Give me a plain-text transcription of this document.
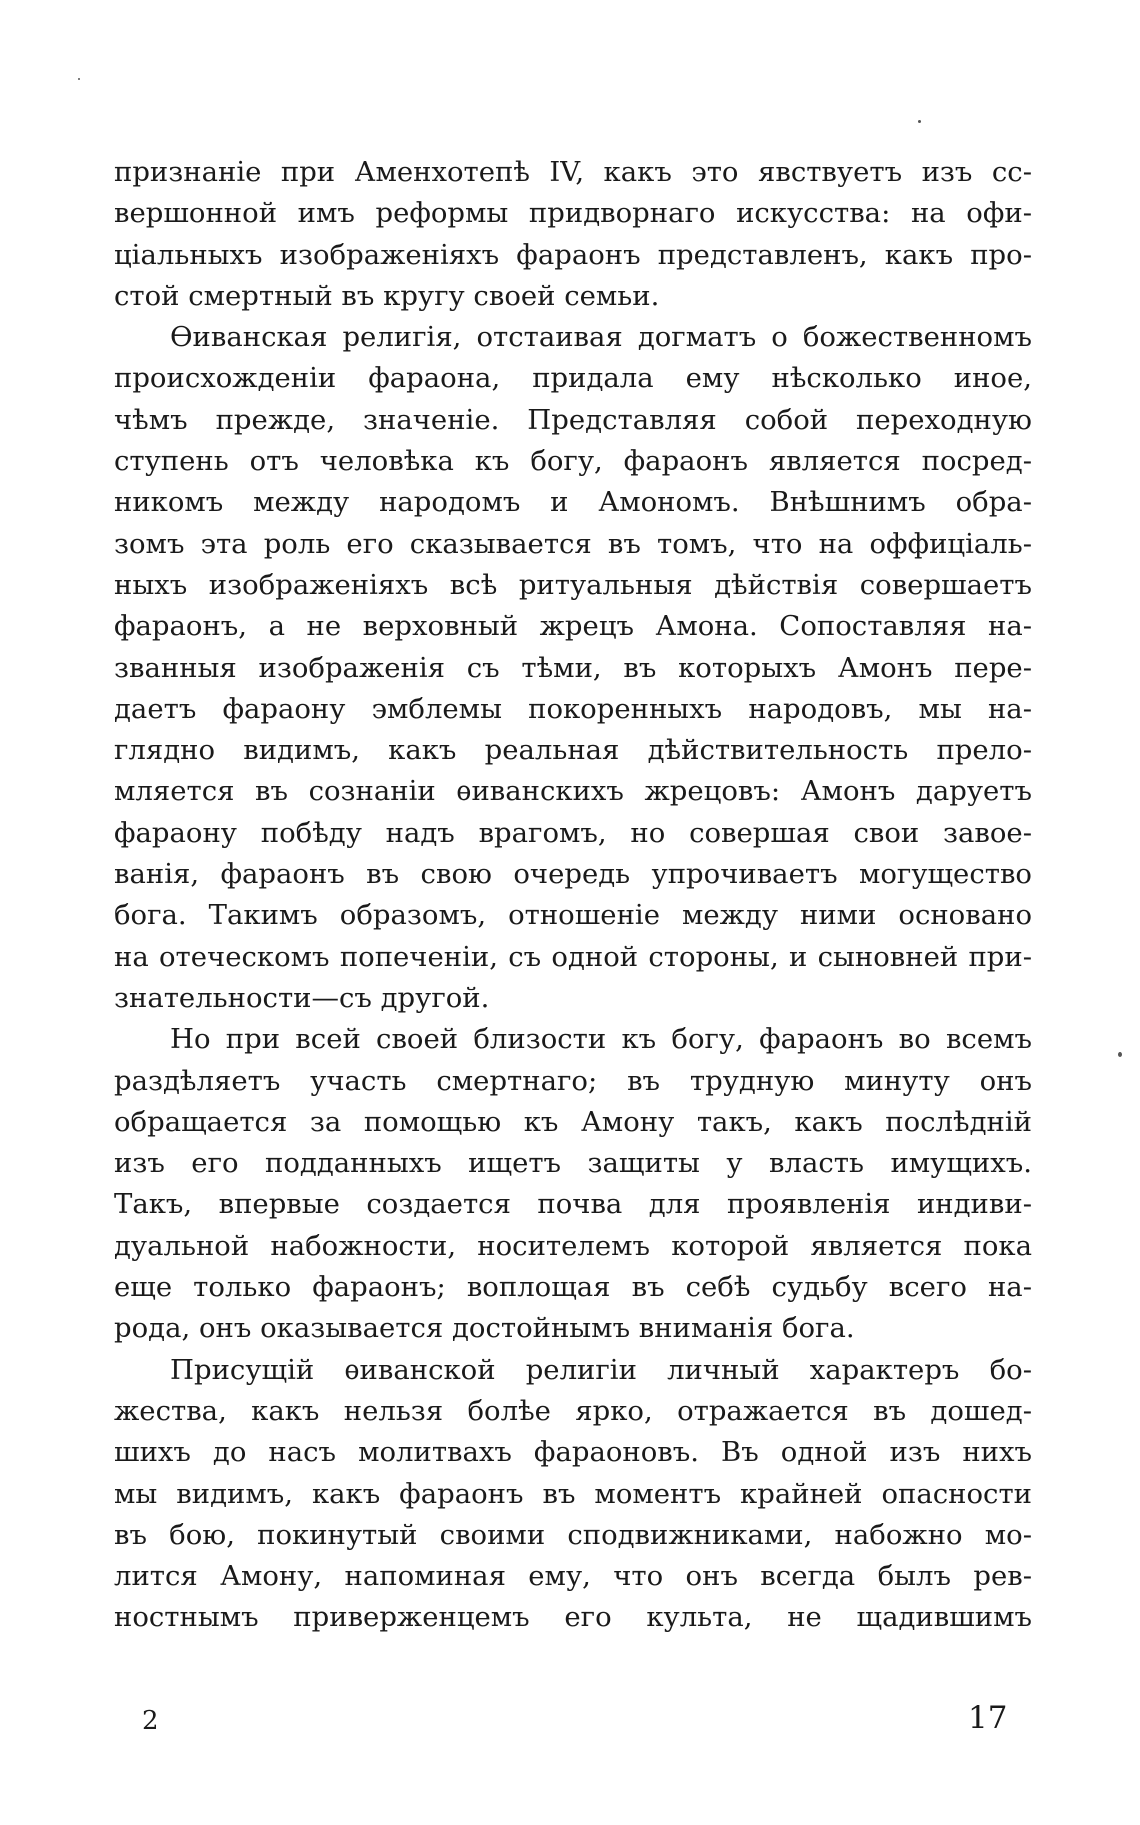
признаніе при Аменхотепѣ IV, какъ это явствуетъ изъ сс-
вершонной имъ реформы придворнаго искусства: на офи-
ціальныхъ изображеніяхъ фараонъ представленъ, какъ про-
стой смертный въ кругу своей семьи.
Ѳиванская религія, отстаивая догматъ о божественномъ
происхожденіи фараона, придала ему нѣсколько иное,
чѣмъ прежде, значеніе. Представляя собой переходную
ступень отъ человѣка къ богу, фараонъ является посред-
никомъ между народомъ и Амономъ. Внѣшнимъ обра-
зомъ эта роль его сказывается въ томъ, что на оффиціаль-
ныхъ изображеніяхъ всѣ ритуальныя дѣйствія совершаетъ
фараонъ, а не верховный жрецъ Амона. Сопоставляя на-
званныя изображенія съ тѣми, въ которыхъ Амонъ пере-
даетъ фараону эмблемы покоренныхъ народовъ, мы на-
глядно видимъ, какъ реальная дѣйствительность прело-
мляется въ сознаніи ѳиванскихъ жрецовъ: Амонъ даруетъ
фараону побѣду надъ врагомъ, но совершая свои завое-
ванія, фараонъ въ свою очередь упрочиваетъ могущество
бога. Такимъ образомъ, отношеніе между ними основано
на отеческомъ попеченіи, съ одной стороны, и сыновней при-
знательности—съ другой.
Но при всей своей близости къ богу, фараонъ во всемъ
раздѣляетъ участь смертнаго; въ трудную минуту онъ
обращается за помощью къ Амону такъ, какъ послѣдній
изъ его подданныхъ ищетъ защиты у власть имущихъ.
Такъ, впервые создается почва для проявленія индиви-
дуальной набожности, носителемъ которой является пока
еще только фараонъ; воплощая въ себѣ судьбу всего на-
рода, онъ оказывается достойнымъ вниманія бога.
Присущій ѳиванской религіи личный характеръ бо-
жества, какъ нельзя болѣе ярко, отражается въ дошед-
шихъ до насъ молитвахъ фараоновъ. Въ одной изъ нихъ
мы видимъ, какъ фараонъ въ моментъ крайней опасности
въ бою, покинутый своими сподвижниками, набожно мо-
лится Амону, напоминая ему, что онъ всегда былъ рев-
ностнымъ приверженцемъ его культа, не щадившимъ
2	17
